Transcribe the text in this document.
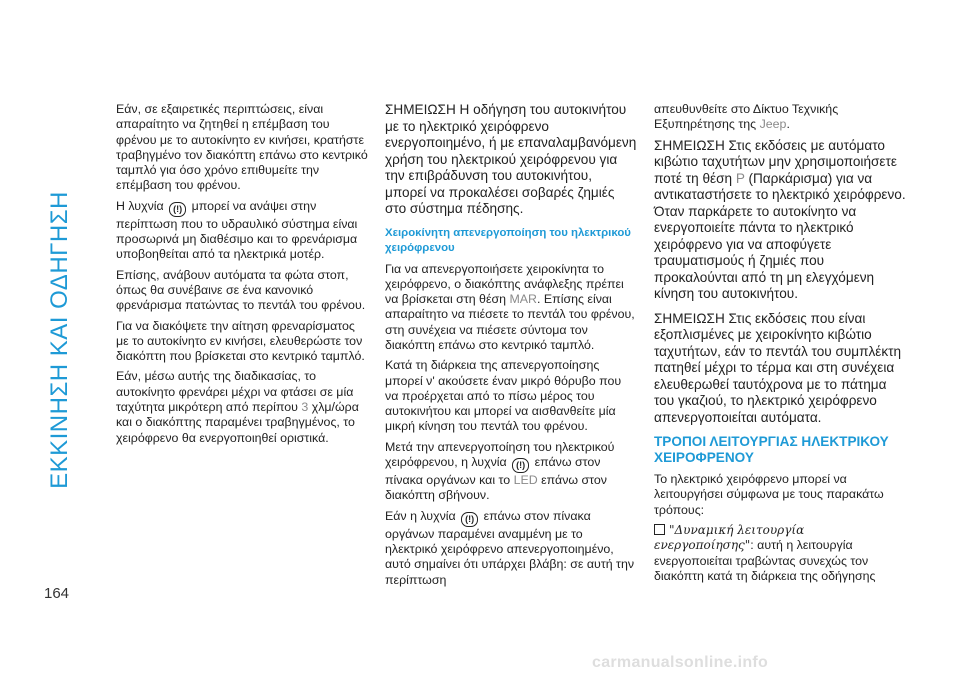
ΕΚΚΙΝΗΣΗ ΚΑΙ ΟΔΗΓΗΣΗ

Εάν, σε εξαιρετικές περιπτώσεις, είναι απαραίτητο να ζητηθεί η επέμβαση του φρένου με το αυτοκίνητο εν κινήσει, κρατήστε τραβηγμένο τον διακόπτη επάνω στο κεντρικό ταμπλό για όσο χρόνο επιθυμείτε την επέμβαση του φρένου.

Η λυχνία (!) μπορεί να ανάψει στην περίπτωση που το υδραυλικό σύστημα είναι προσωρινά μη διαθέσιμο και το φρενάρισμα υποβοηθείται από τα ηλεκτρικά μοτέρ.

Επίσης, ανάβουν αυτόματα τα φώτα στοπ, όπως θα συνέβαινε σε ένα κανονικό φρενάρισμα πατώντας το πεντάλ του φρένου.

Για να διακόψετε την αίτηση φρεναρίσματος με το αυτοκίνητο εν κινήσει, ελευθερώστε τον διακόπτη που βρίσκεται στο κεντρικό ταμπλό.

Εάν, μέσω αυτής της διαδικασίας, το αυτοκίνητο φρενάρει μέχρι να φτάσει σε μία ταχύτητα μικρότερη από περίπου 3 χλμ/ώρα και ο διακόπτης παραμένει τραβηγμένος, το χειρόφρενο θα ενεργοποιηθεί οριστικά.

ΣΗΜΕΙΩΣΗ Η οδήγηση του αυτοκινήτου με το ηλεκτρικό χειρόφρενο ενεργοποιημένο, ή με επαναλαμβανόμενη χρήση του ηλεκτρικού χειρόφρενου για την επιβράδυνση του αυτοκινήτου, μπορεί να προκαλέσει σοβαρές ζημιές στο σύστημα πέδησης.

Χειροκίνητη απενεργοποίηση του ηλεκτρικού χειρόφρενου

Για να απενεργοποιήσετε χειροκίνητα το χειρόφρενο, ο διακόπτης ανάφλεξης πρέπει να βρίσκεται στη θέση MAR. Επίσης είναι απαραίτητο να πιέσετε το πεντάλ του φρένου, στη συνέχεια να πιέσετε σύντομα τον διακόπτη επάνω στο κεντρικό ταμπλό.

Κατά τη διάρκεια της απενεργοποίησης μπορεί ν' ακούσετε έναν μικρό θόρυβο που να προέρχεται από το πίσω μέρος του αυτοκινήτου και μπορεί να αισθανθείτε μία μικρή κίνηση του πεντάλ του φρένου.

Μετά την απενεργοποίηση του ηλεκτρικού χειρόφρενου, η λυχνία (!) επάνω στον πίνακα οργάνων και το LED επάνω στον διακόπτη σβήνουν.

Εάν η λυχνία (!) επάνω στον πίνακα οργάνων παραμένει αναμμένη με το ηλεκτρικό χειρόφρενο απενεργοποιημένο, αυτό σημαίνει ότι υπάρχει βλάβη: σε αυτή την περίπτωση

απευθυνθείτε στο Δίκτυο Τεχνικής Εξυπηρέτησης της Jeep.

ΣΗΜΕΙΩΣΗ Στις εκδόσεις με αυτόματο κιβώτιο ταχυτήτων μην χρησιμοποιήσετε ποτέ τη θέση P (Παρκάρισμα) για να αντικαταστήσετε το ηλεκτρικό χειρόφρενο. Όταν παρκάρετε το αυτοκίνητο να ενεργοποιείτε πάντα το ηλεκτρικό χειρόφρενο για να αποφύγετε τραυματισμούς ή ζημιές που προκαλούνται από τη μη ελεγχόμενη κίνηση του αυτοκινήτου.

ΣΗΜΕΙΩΣΗ Στις εκδόσεις που είναι εξοπλισμένες με χειροκίνητο κιβώτιο ταχυτήτων, εάν το πεντάλ του συμπλέκτη πατηθεί μέχρι το τέρμα και στη συνέχεια ελευθερωθεί ταυτόχρονα με το πάτημα του γκαζιού, το ηλεκτρικό χειρόφρενο απενεργοποιείται αυτόματα.

ΤΡΟΠΟΙ ΛΕΙΤΟΥΡΓΙΑΣ ΗΛΕΚΤΡΙΚΟΥ ΧΕΙΡΟΦΡΕΝΟΥ

Το ηλεκτρικό χειρόφρενο μπορεί να λειτουργήσει σύμφωνα με τους παρακάτω τρόπους:

"Δυναμική λειτουργία ενεργοποίησης": αυτή η λειτουργία ενεργοποιείται τραβώντας συνεχώς τον διακόπτη κατά τη διάρκεια της οδήγησης

164
carmanualsonline.info
